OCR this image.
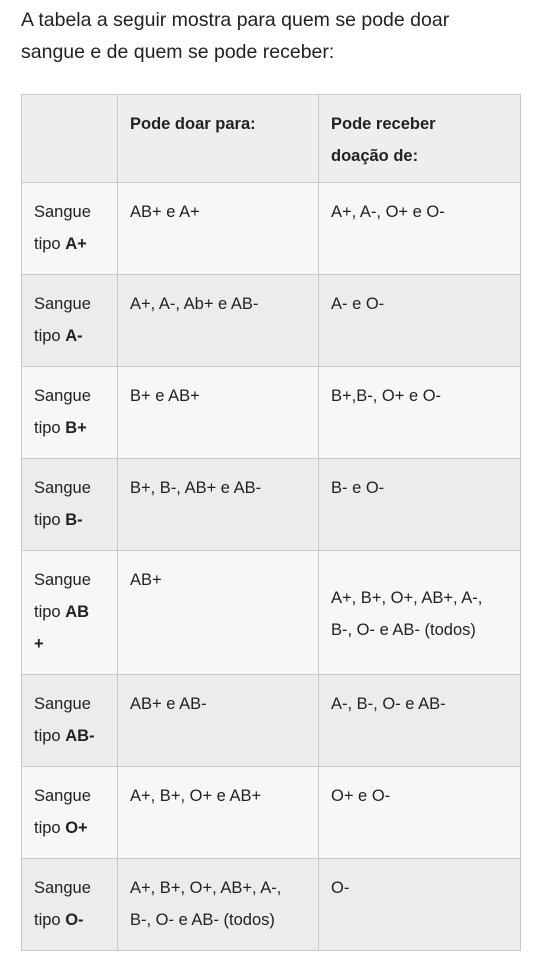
A tabela a seguir mostra para quem se pode doar
sangue e de quem se pode receber:
	Pode doar para:	Pode receber
doação de:

Sangue
tipo A+	AB+ e A+	A+, A-, O+ e O-

Sangue
tipo A-	A+, A-, Ab+ e AB-	A- e O-

Sangue
tipo B+	B+ e AB+	B+,B-, O+ e O-

Sangue
tipo B-	B+, B-, AB+ e AB-	B- e O-

Sangue
tipo AB
+	AB+	A+, B+, O+, AB+, A-,
B-, O- e AB- (todos)

Sangue
tipo AB-	AB+ e AB-	A-, B-, O- e AB-

Sangue
tipo O+	A+, B+, O+ e AB+	O+ e O-

Sangue
tipo O-	A+, B+, O+, AB+, A-,
B-, O- e AB- (todos)	O-
